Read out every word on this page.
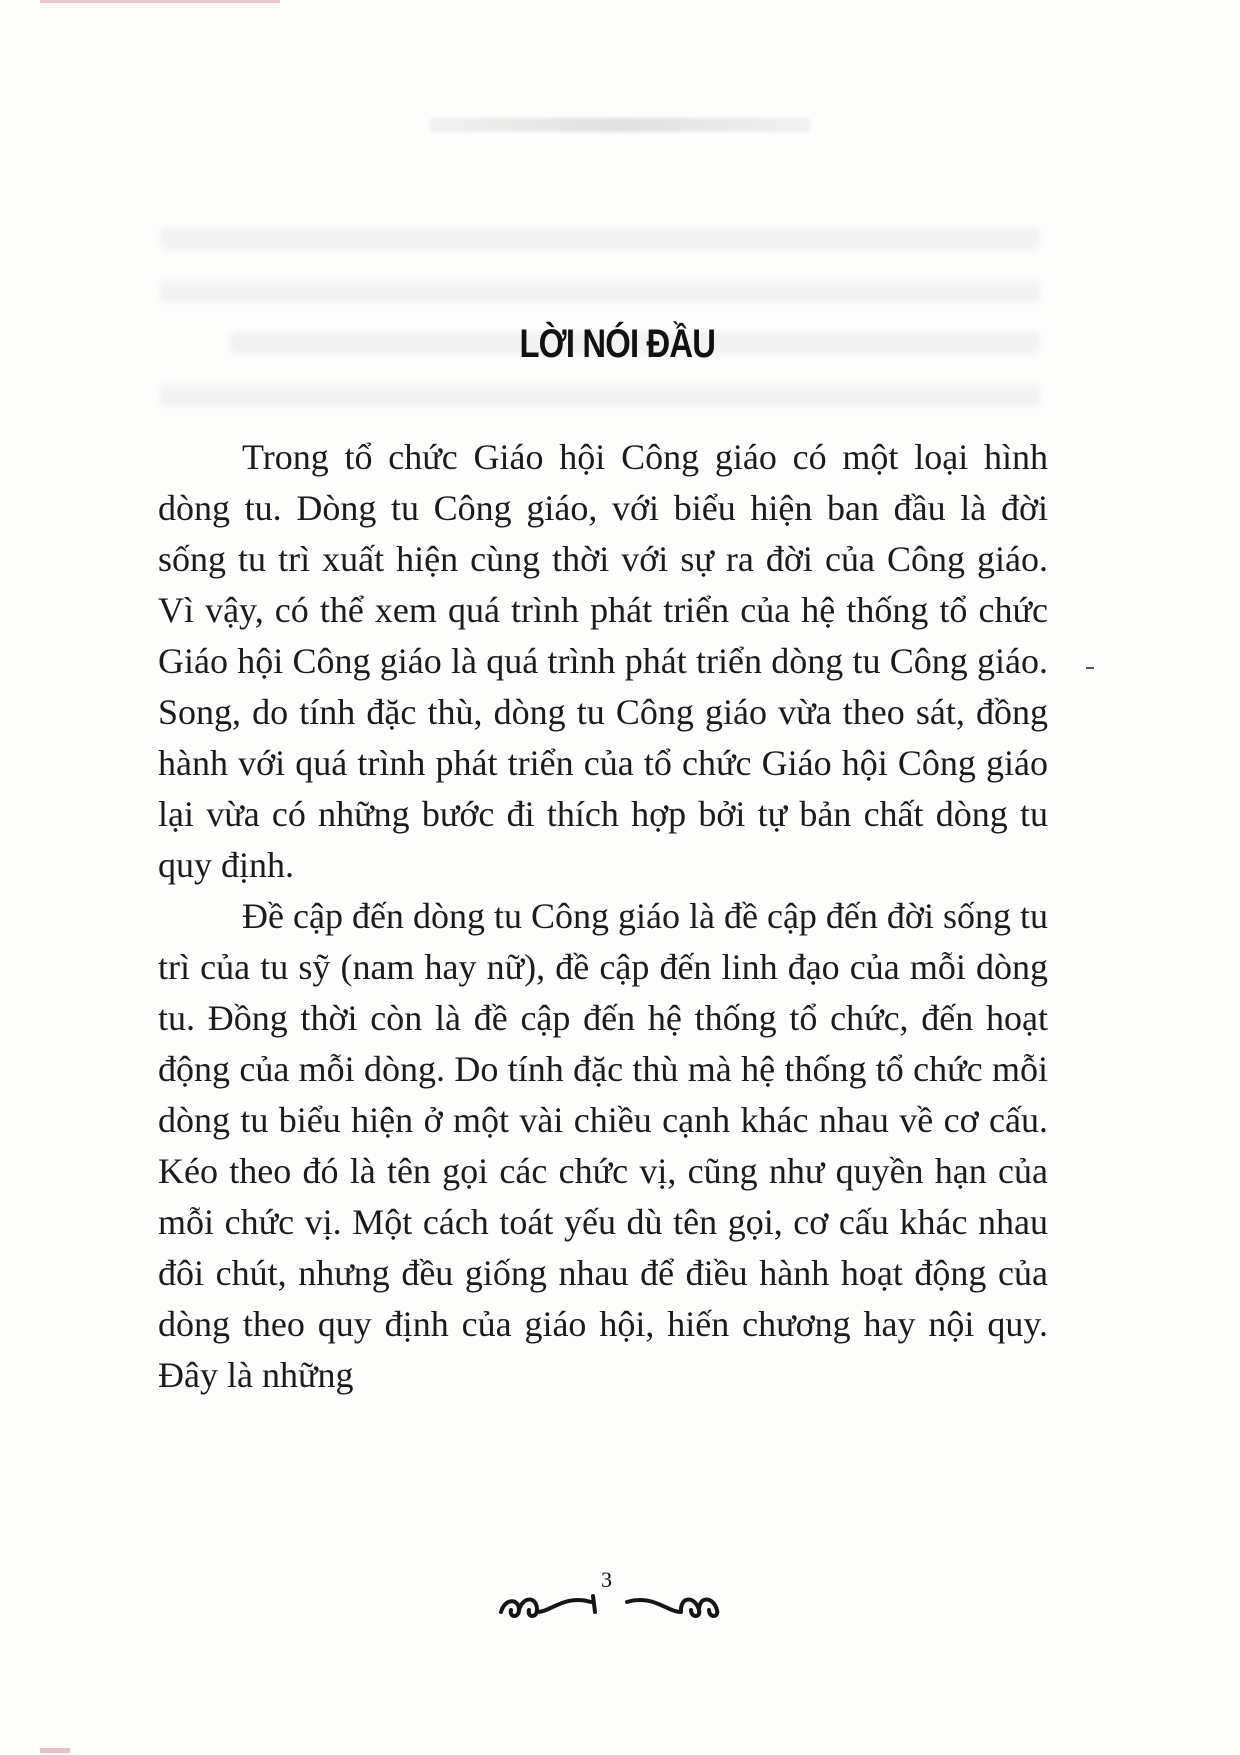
LỜI NÓI ĐẦU

Trong tổ chức Giáo hội Công giáo có một loại hình dòng tu. Dòng tu Công giáo, với biểu hiện ban đầu là đời sống tu trì xuất hiện cùng thời với sự ra đời của Công giáo. Vì vậy, có thể xem quá trình phát triển của hệ thống tổ chức Giáo hội Công giáo là quá trình phát triển dòng tu Công giáo. Song, do tính đặc thù, dòng tu Công giáo vừa theo sát, đồng hành với quá trình phát triển của tổ chức Giáo hội Công giáo lại vừa có những bước đi thích hợp bởi tự bản chất dòng tu quy định.

Đề cập đến dòng tu Công giáo là đề cập đến đời sống tu trì của tu sỹ (nam hay nữ), đề cập đến linh đạo của mỗi dòng tu. Đồng thời còn là đề cập đến hệ thống tổ chức, đến hoạt động của mỗi dòng. Do tính đặc thù mà hệ thống tổ chức mỗi dòng tu biểu hiện ở một vài chiều cạnh khác nhau về cơ cấu. Kéo theo đó là tên gọi các chức vị, cũng như quyền hạn của mỗi chức vị. Một cách toát yếu dù tên gọi, cơ cấu khác nhau đôi chút, nhưng đều giống nhau để điều hành hoạt động của dòng theo quy định của giáo hội, hiến chương hay nội quy. Đây là những

3
